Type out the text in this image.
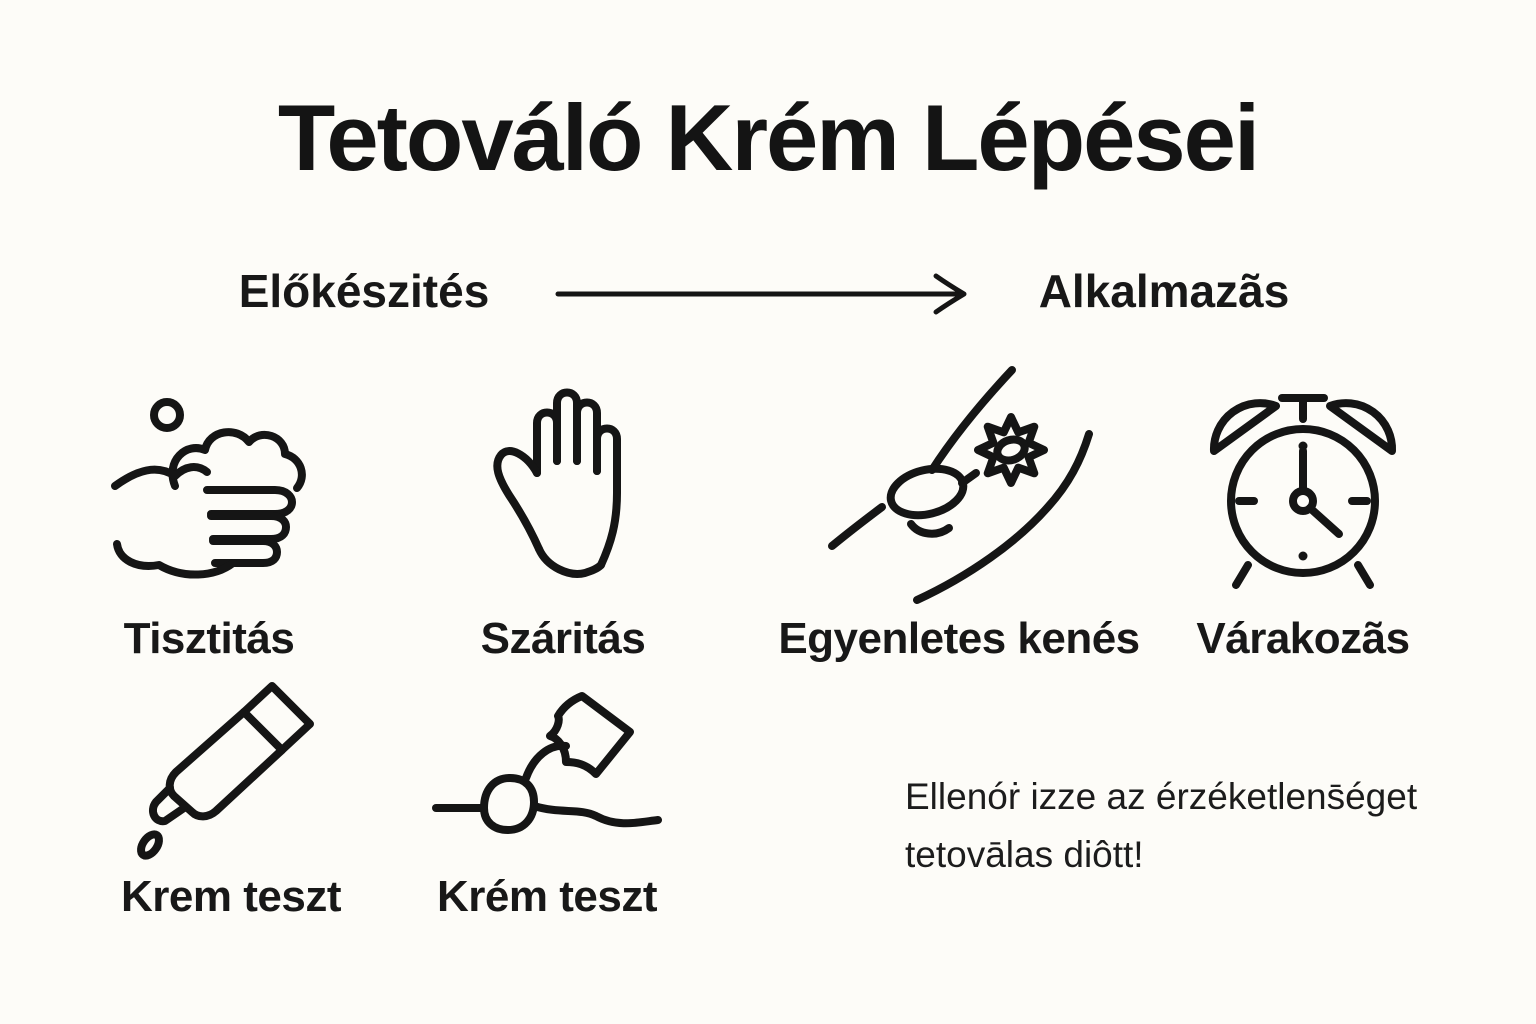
Tetováló Krém Lépései
Előkészités	Alkalmazãs
Tisztitás	Száritás	Egyenletes kenés	Várakozãs
Krem teszt	Krém teszt
Ellenóṙ izze az érzéketlens̄éget
tetovālas diôtt!
